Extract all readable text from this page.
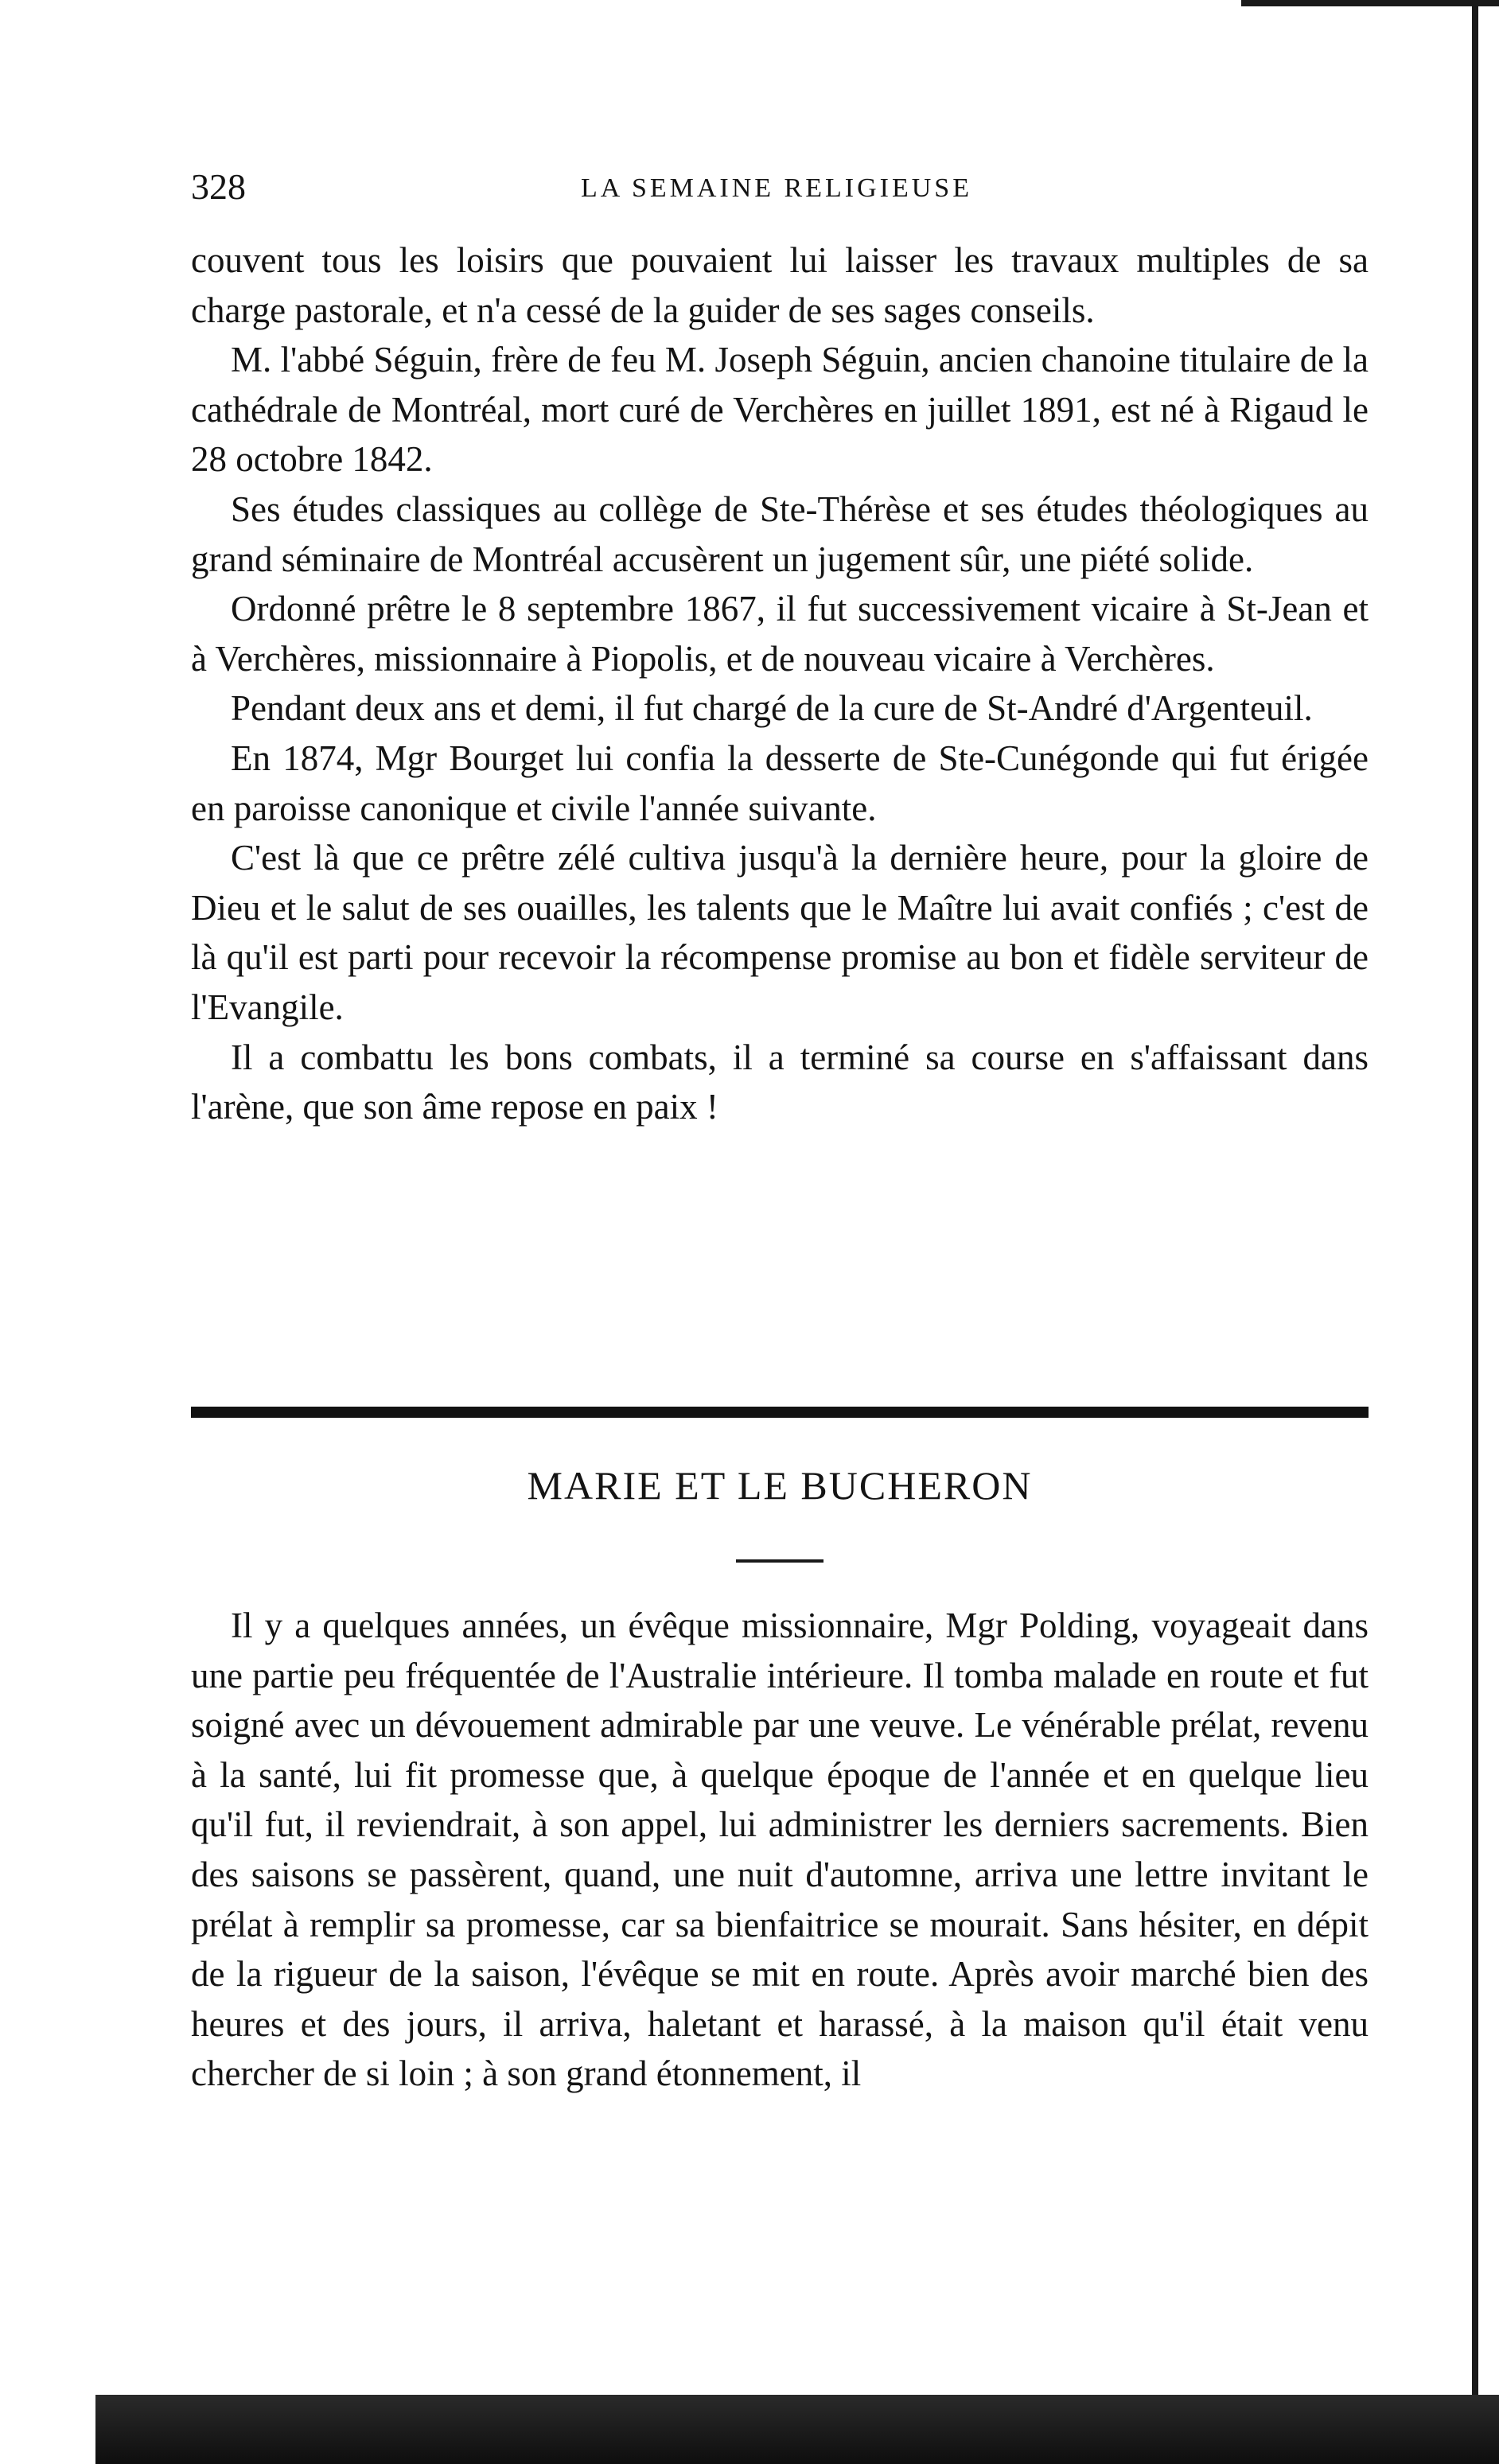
328	LA SEMAINE RELIGIEUSE

couvent tous les loisirs que pouvaient lui laisser les travaux multiples de sa charge pastorale, et n'a cessé de la guider de ses sages conseils.

M. l'abbé Séguin, frère de feu M. Joseph Séguin, ancien chanoine titulaire de la cathédrale de Montréal, mort curé de Verchères en juillet 1891, est né à Rigaud le 28 octobre 1842.

Ses études classiques au collège de Ste-Thérèse et ses études théologiques au grand séminaire de Montréal accusèrent un jugement sûr, une piété solide.

Ordonné prêtre le 8 septembre 1867, il fut successivement vicaire à St-Jean et à Verchères, missionnaire à Piopolis, et de nouveau vicaire à Verchères.

Pendant deux ans et demi, il fut chargé de la cure de St-André d'Argenteuil.

En 1874, Mgr Bourget lui confia la desserte de Ste-Cunégonde qui fut érigée en paroisse canonique et civile l'année suivante.

C'est là que ce prêtre zélé cultiva jusqu'à la dernière heure, pour la gloire de Dieu et le salut de ses ouailles, les talents que le Maître lui avait confiés ; c'est de là qu'il est parti pour recevoir la récompense promise au bon et fidèle serviteur de l'Evangile.

Il a combattu les bons combats, il a terminé sa course en s'affaissant dans l'arène, que son âme repose en paix !

MARIE ET LE BUCHERON

Il y a quelques années, un évêque missionnaire, Mgr Polding, voyageait dans une partie peu fréquentée de l'Australie intérieure. Il tomba malade en route et fut soigné avec un dévouement admirable par une veuve. Le vénérable prélat, revenu à la santé, lui fit promesse que, à quelque époque de l'année et en quelque lieu qu'il fut, il reviendrait, à son appel, lui administrer les derniers sacrements. Bien des saisons se passèrent, quand, une nuit d'automne, arriva une lettre invitant le prélat à remplir sa promesse, car sa bienfaitrice se mourait. Sans hésiter, en dépit de la rigueur de la saison, l'évêque se mit en route. Après avoir marché bien des heures et des jours, il arriva, haletant et harassé, à la maison qu'il était venu chercher de si loin ; à son grand étonnement, il
